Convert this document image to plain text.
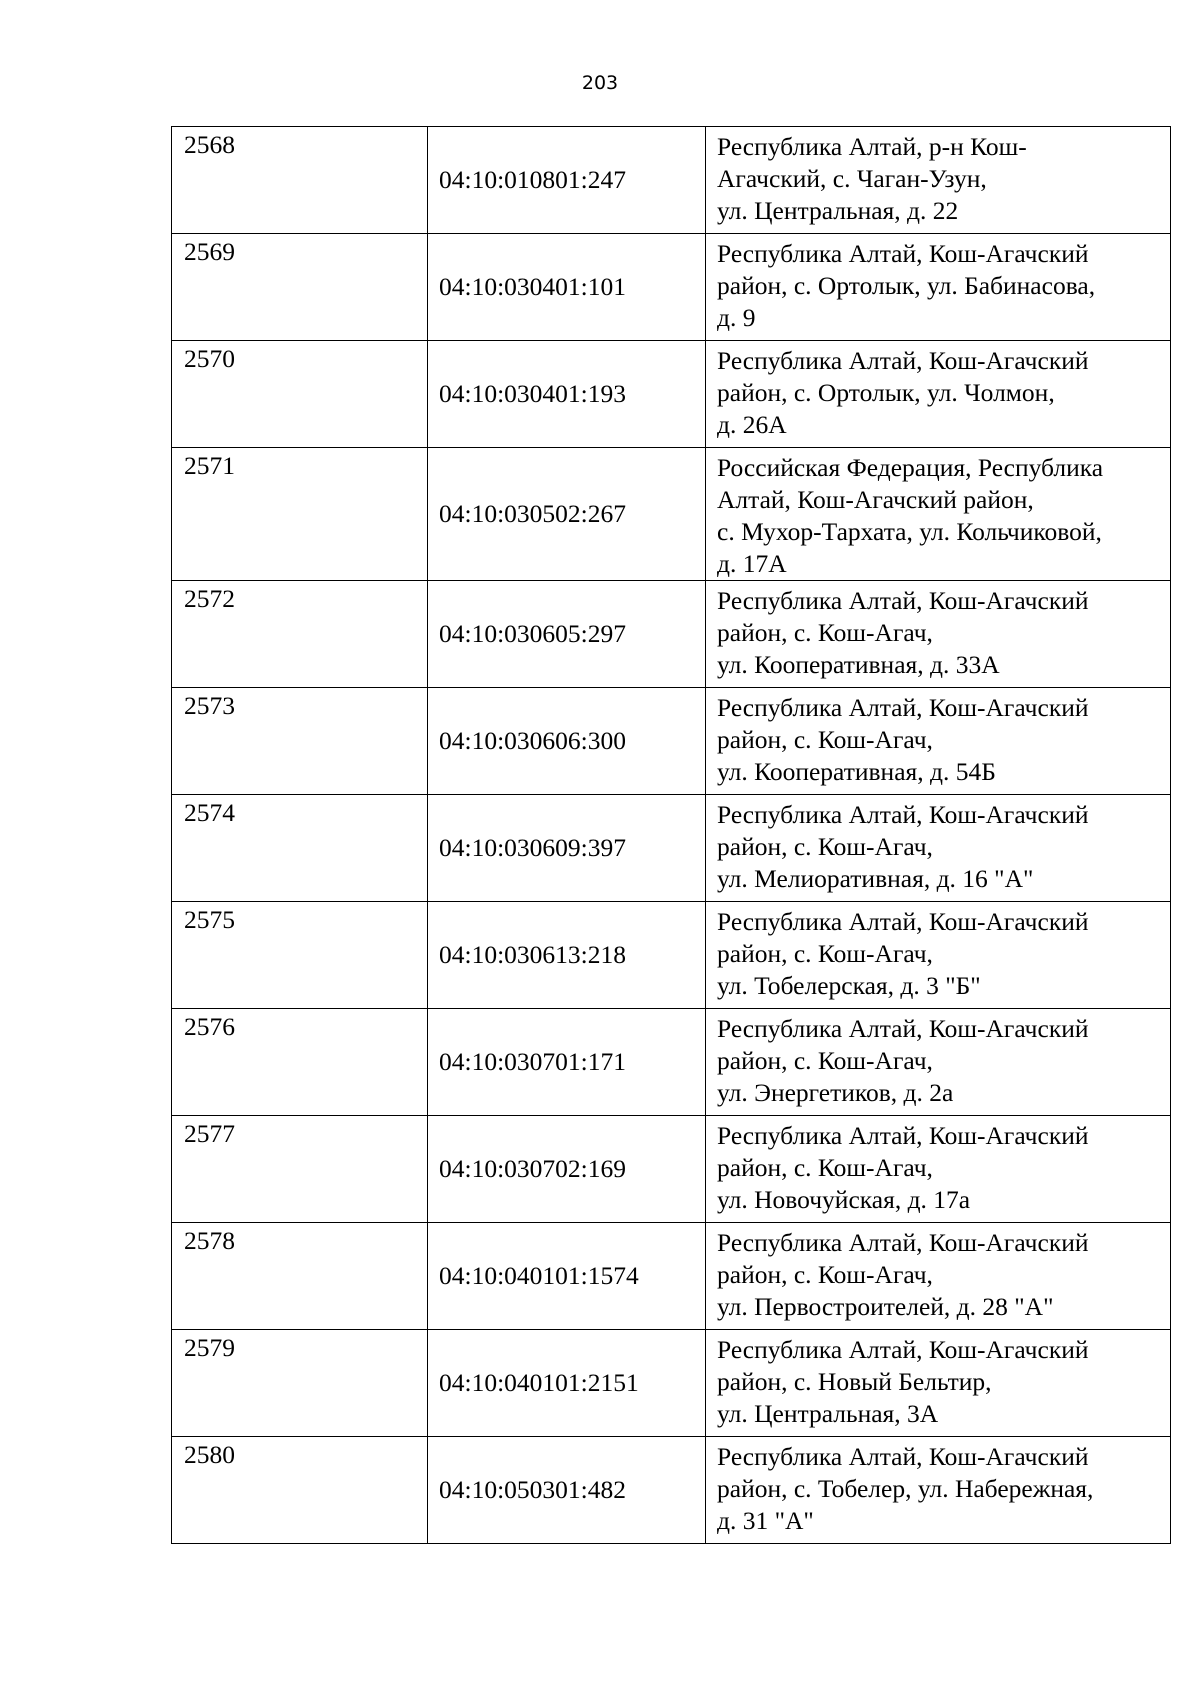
203
2568	04:10:010801:247	Республика Алтай, р-н Кош-
Агачский, с. Чаган-Узун,
ул. Центральная, д. 22

2569	04:10:030401:101	Республика Алтай, Кош-Агачский
район, с. Ортолык, ул. Бабинасова,
д. 9

2570	04:10:030401:193	Республика Алтай, Кош-Агачский
район, с. Ортолык, ул. Чолмон,
д. 26А

2571	04:10:030502:267	Российская Федерация, Республика
Алтай, Кош-Агачский район,
с. Мухор-Тархата, ул. Кольчиковой,
д. 17А

2572	04:10:030605:297	Республика Алтай, Кош-Агачский
район, с. Кош-Агач,
ул. Кооперативная, д. 33А

2573	04:10:030606:300	Республика Алтай, Кош-Агачский
район, с. Кош-Агач,
ул. Кооперативная, д. 54Б

2574	04:10:030609:397	Республика Алтай, Кош-Агачский
район, с. Кош-Агач,
ул. Мелиоративная, д. 16 "А"

2575	04:10:030613:218	Республика Алтай, Кош-Агачский
район, с. Кош-Агач,
ул. Тобелерская, д. 3 "Б"

2576	04:10:030701:171	Республика Алтай, Кош-Агачский
район, с. Кош-Агач,
ул. Энергетиков, д. 2а

2577	04:10:030702:169	Республика Алтай, Кош-Агачский
район, с. Кош-Агач,
ул. Новочуйская, д. 17а

2578	04:10:040101:1574	Республика Алтай, Кош-Агачский
район, с. Кош-Агач,
ул. Первостроителей, д. 28 "А"

2579	04:10:040101:2151	Республика Алтай, Кош-Агачский
район, с. Новый Бельтир,
ул. Центральная, 3А

2580	04:10:050301:482	Республика Алтай, Кош-Агачский
район, с. Тобелер, ул. Набережная,
д. 31 "А"
